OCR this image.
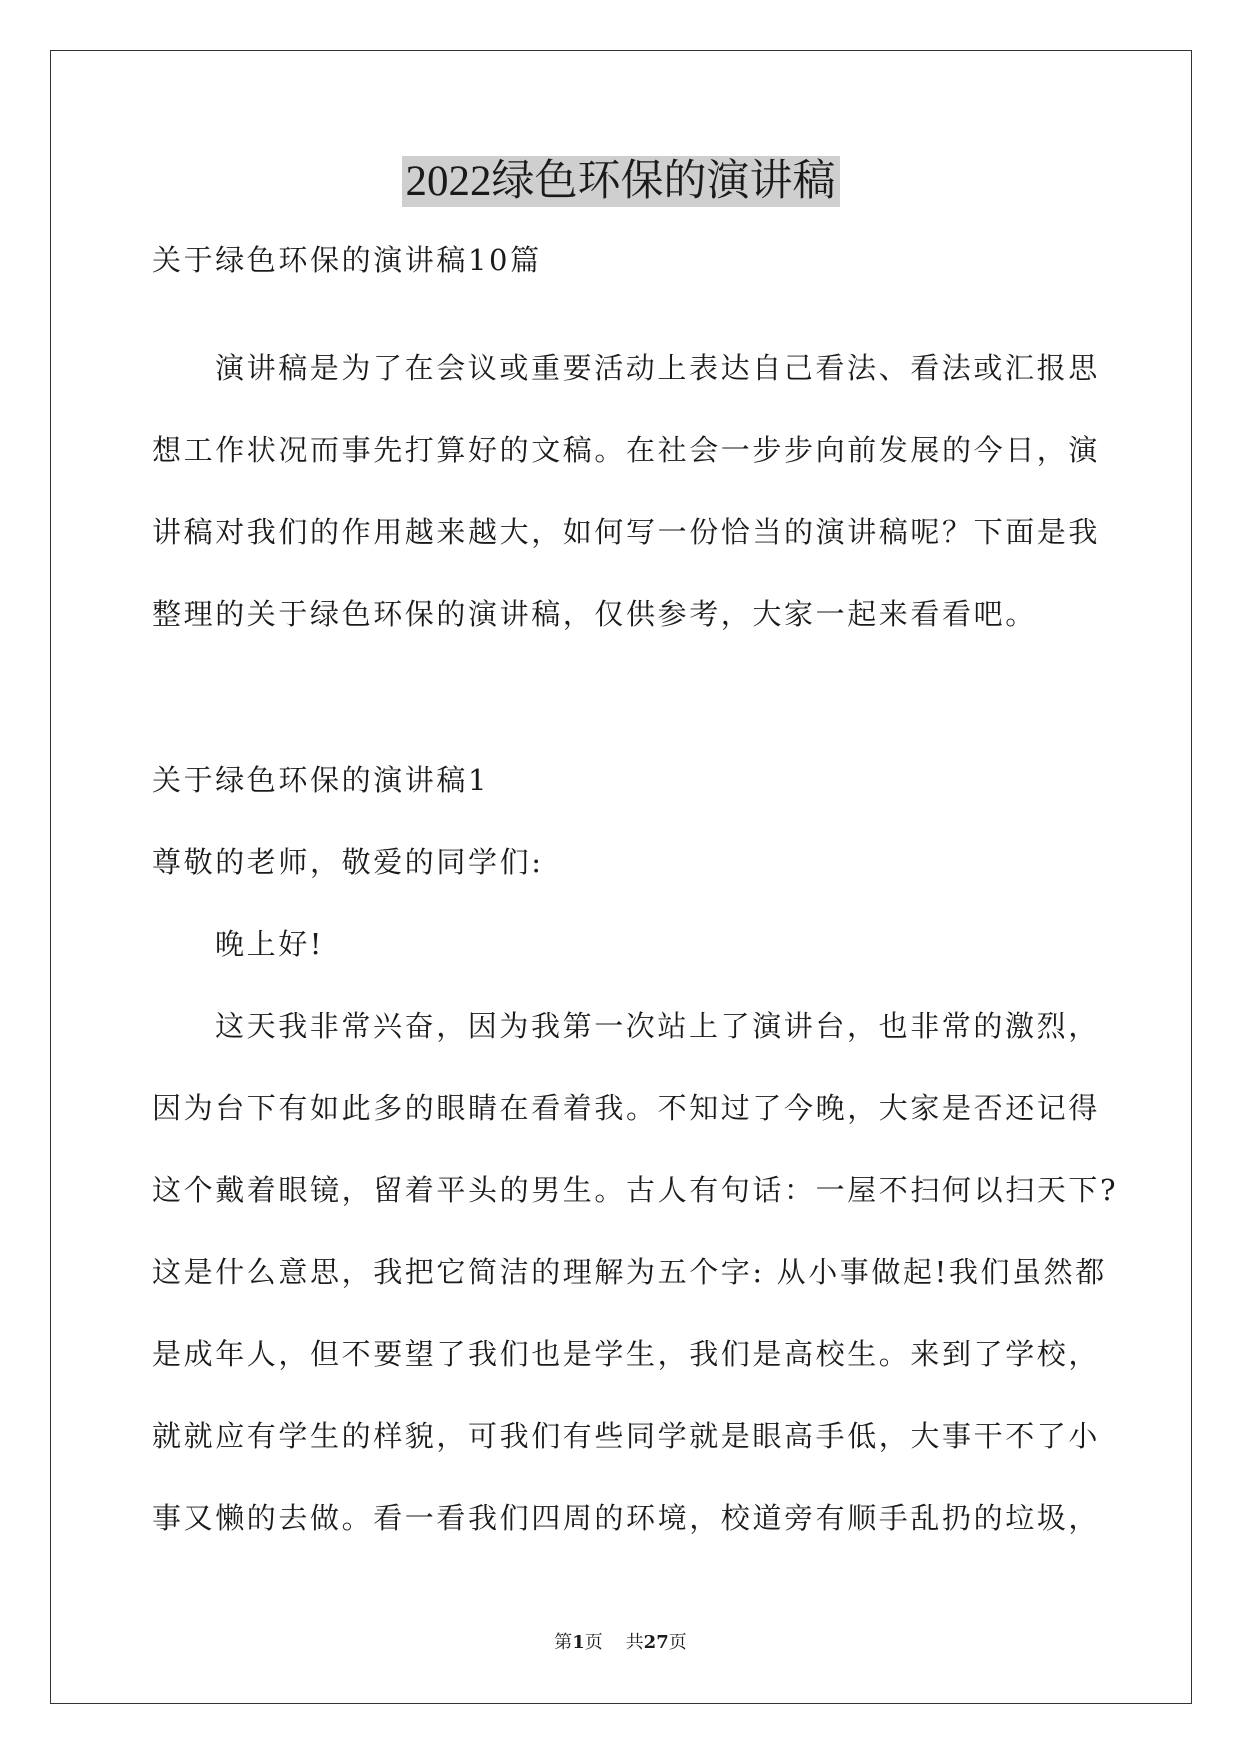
2022绿色环保的演讲稿
关于绿色环保的演讲稿10篇
演讲稿是为了在会议或重要活动上表达自己看法、看法或汇报思
想工作状况而事先打算好的文稿。在社会一步步向前发展的今日，演
讲稿对我们的作用越来越大，如何写一份恰当的演讲稿呢？下面是我
整理的关于绿色环保的演讲稿，仅供参考，大家一起来看看吧。
关于绿色环保的演讲稿1
尊敬的老师，敬爱的同学们:
晚上好!
这天我非常兴奋，因为我第一次站上了演讲台，也非常的激烈，
因为台下有如此多的眼睛在看着我。不知过了今晚，大家是否还记得
这个戴着眼镜，留着平头的男生。古人有句话：一屋不扫何以扫天下?
这是什么意思，我把它简洁的理解为五个字: 从小事做起!我们虽然都
是成年人，但不要望了我们也是学生，我们是高校生。来到了学校，
就就应有学生的样貌，可我们有些同学就是眼高手低，大事干不了小
事又懒的去做。看一看我们四周的环境，校道旁有顺手乱扔的垃圾，
第1页 共27页
